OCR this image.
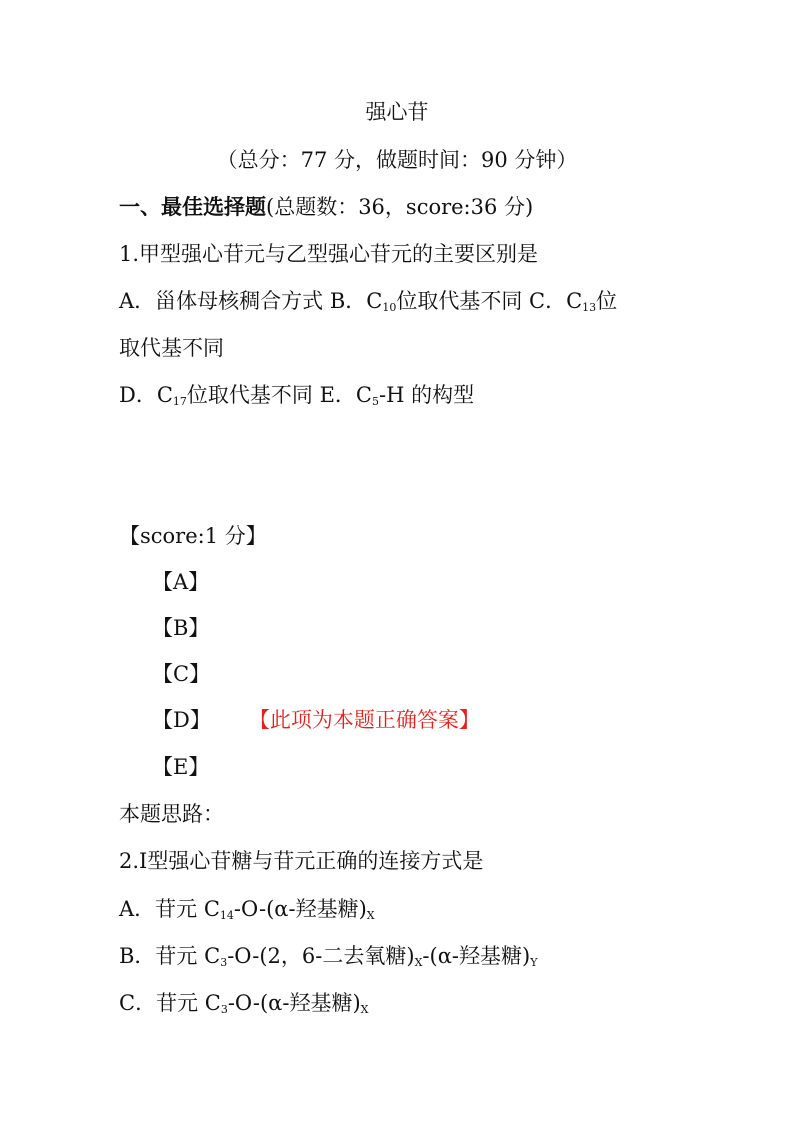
强心苷
（总分：77 分，做题时间：90 分钟）
一、最佳选择题(总题数：36，score:36 分)
1.甲型强心苷元与乙型强心苷元的主要区别是
A．甾体母核稠合方式 B．$C_{10}$位取代基不同 C．$C_{13}$位
取代基不同
D．$C_{17}$位取代基不同 E．$C_5-H$ 的构型
【score:1 分】
【A】
【B】
【C】
【D】 【此项为本题正确答案】
【E】
本题思路：
2.Ⅰ型强心苷糖与苷元正确的连接方式是
A．苷元 $C_{14}-O-(\alpha-$羟基糖)$_X$
B．苷元 $C_3-O-(2$，6-二去氧糖)$_X-(\alpha-$羟基糖)$_Y$
C．苷元 $C_3-O-(\alpha-$羟基糖)$_X$
